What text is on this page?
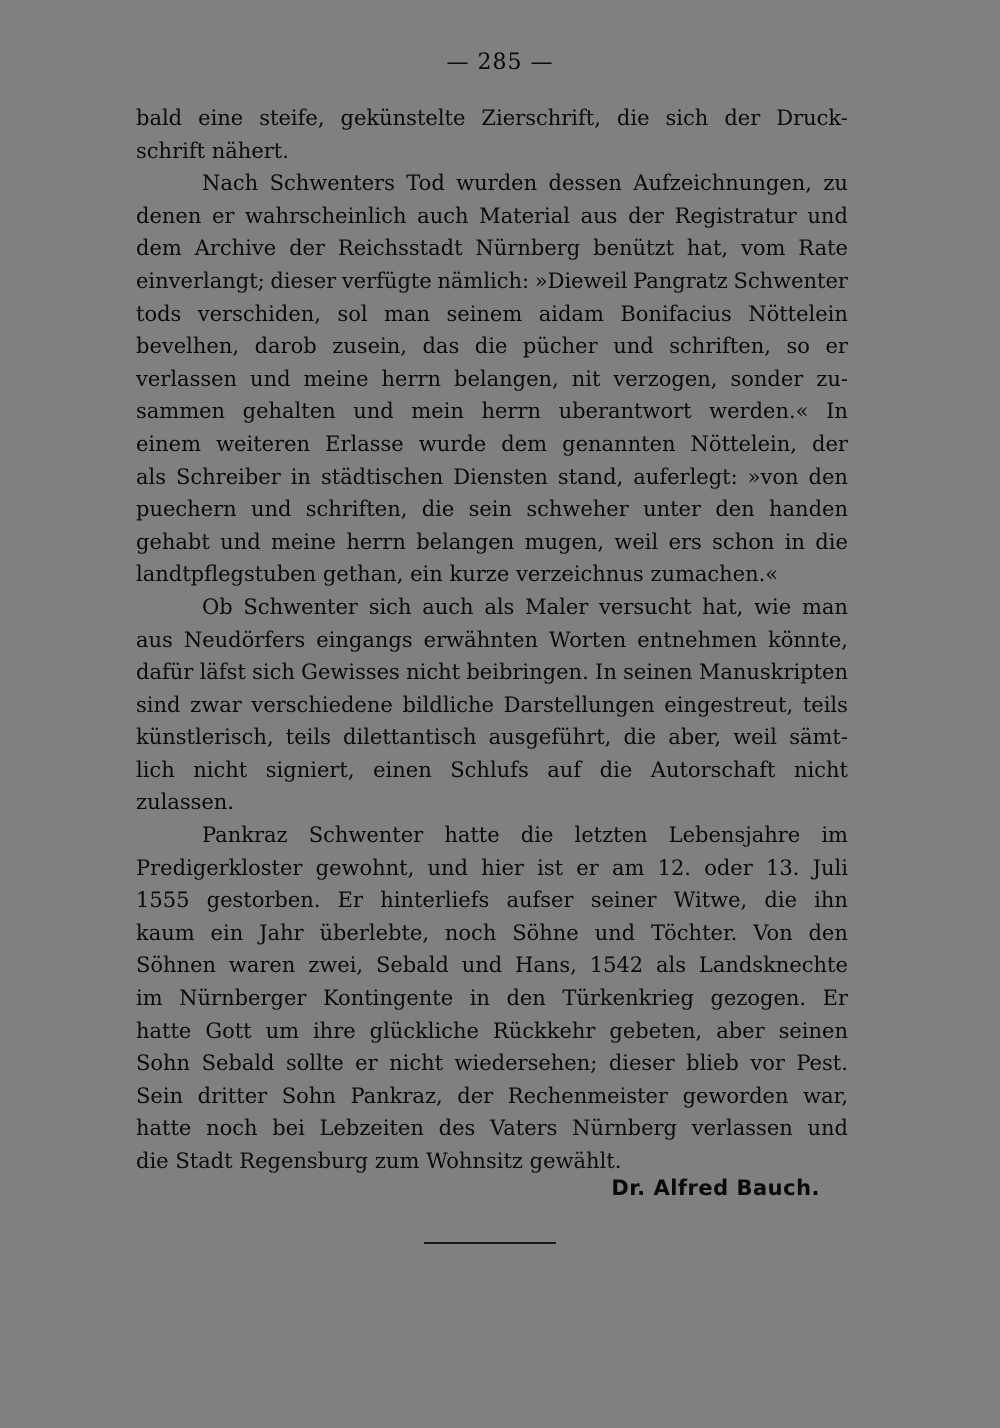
— 285 —
bald eine steife, gekünstelte Zierschrift, die sich der Druck-
schrift nähert.
Nach Schwenters Tod wurden dessen Aufzeichnungen, zu
denen er wahrscheinlich auch Material aus der Registratur und
dem Archive der Reichsstadt Nürnberg benützt hat, vom Rate
einverlangt; dieser verfügte nämlich: »Dieweil Pangratz Schwenter
tods verschiden, sol man seinem aidam Bonifacius Nöttelein
bevelhen, darob zusein, das die pücher und schriften, so er
verlassen und meine herrn belangen, nit verzogen, sonder zu-
sammen gehalten und mein herrn uberantwort werden.« In
einem weiteren Erlasse wurde dem genannten Nöttelein, der
als Schreiber in städtischen Diensten stand, auferlegt: »von den
puechern und schriften, die sein schweher unter den handen
gehabt und meine herrn belangen mugen, weil ers schon in die
landtpflegstuben gethan, ein kurze verzeichnus zumachen.«
Ob Schwenter sich auch als Maler versucht hat, wie man
aus Neudörfers eingangs erwähnten Worten entnehmen könnte,
dafür läfst sich Gewisses nicht beibringen. In seinen Manuskripten
sind zwar verschiedene bildliche Darstellungen eingestreut, teils
künstlerisch, teils dilettantisch ausgeführt, die aber, weil sämt-
lich nicht signiert, einen Schlufs auf die Autorschaft nicht
zulassen.
Pankraz Schwenter hatte die letzten Lebensjahre im
Predigerkloster gewohnt, und hier ist er am 12. oder 13. Juli
1555 gestorben. Er hinterliefs aufser seiner Witwe, die ihn
kaum ein Jahr überlebte, noch Söhne und Töchter. Von den
Söhnen waren zwei, Sebald und Hans, 1542 als Landsknechte
im Nürnberger Kontingente in den Türkenkrieg gezogen. Er
hatte Gott um ihre glückliche Rückkehr gebeten, aber seinen
Sohn Sebald sollte er nicht wiedersehen; dieser blieb vor Pest.
Sein dritter Sohn Pankraz, der Rechenmeister geworden war,
hatte noch bei Lebzeiten des Vaters Nürnberg verlassen und
die Stadt Regensburg zum Wohnsitz gewählt.
Dr. Alfred Bauch.
